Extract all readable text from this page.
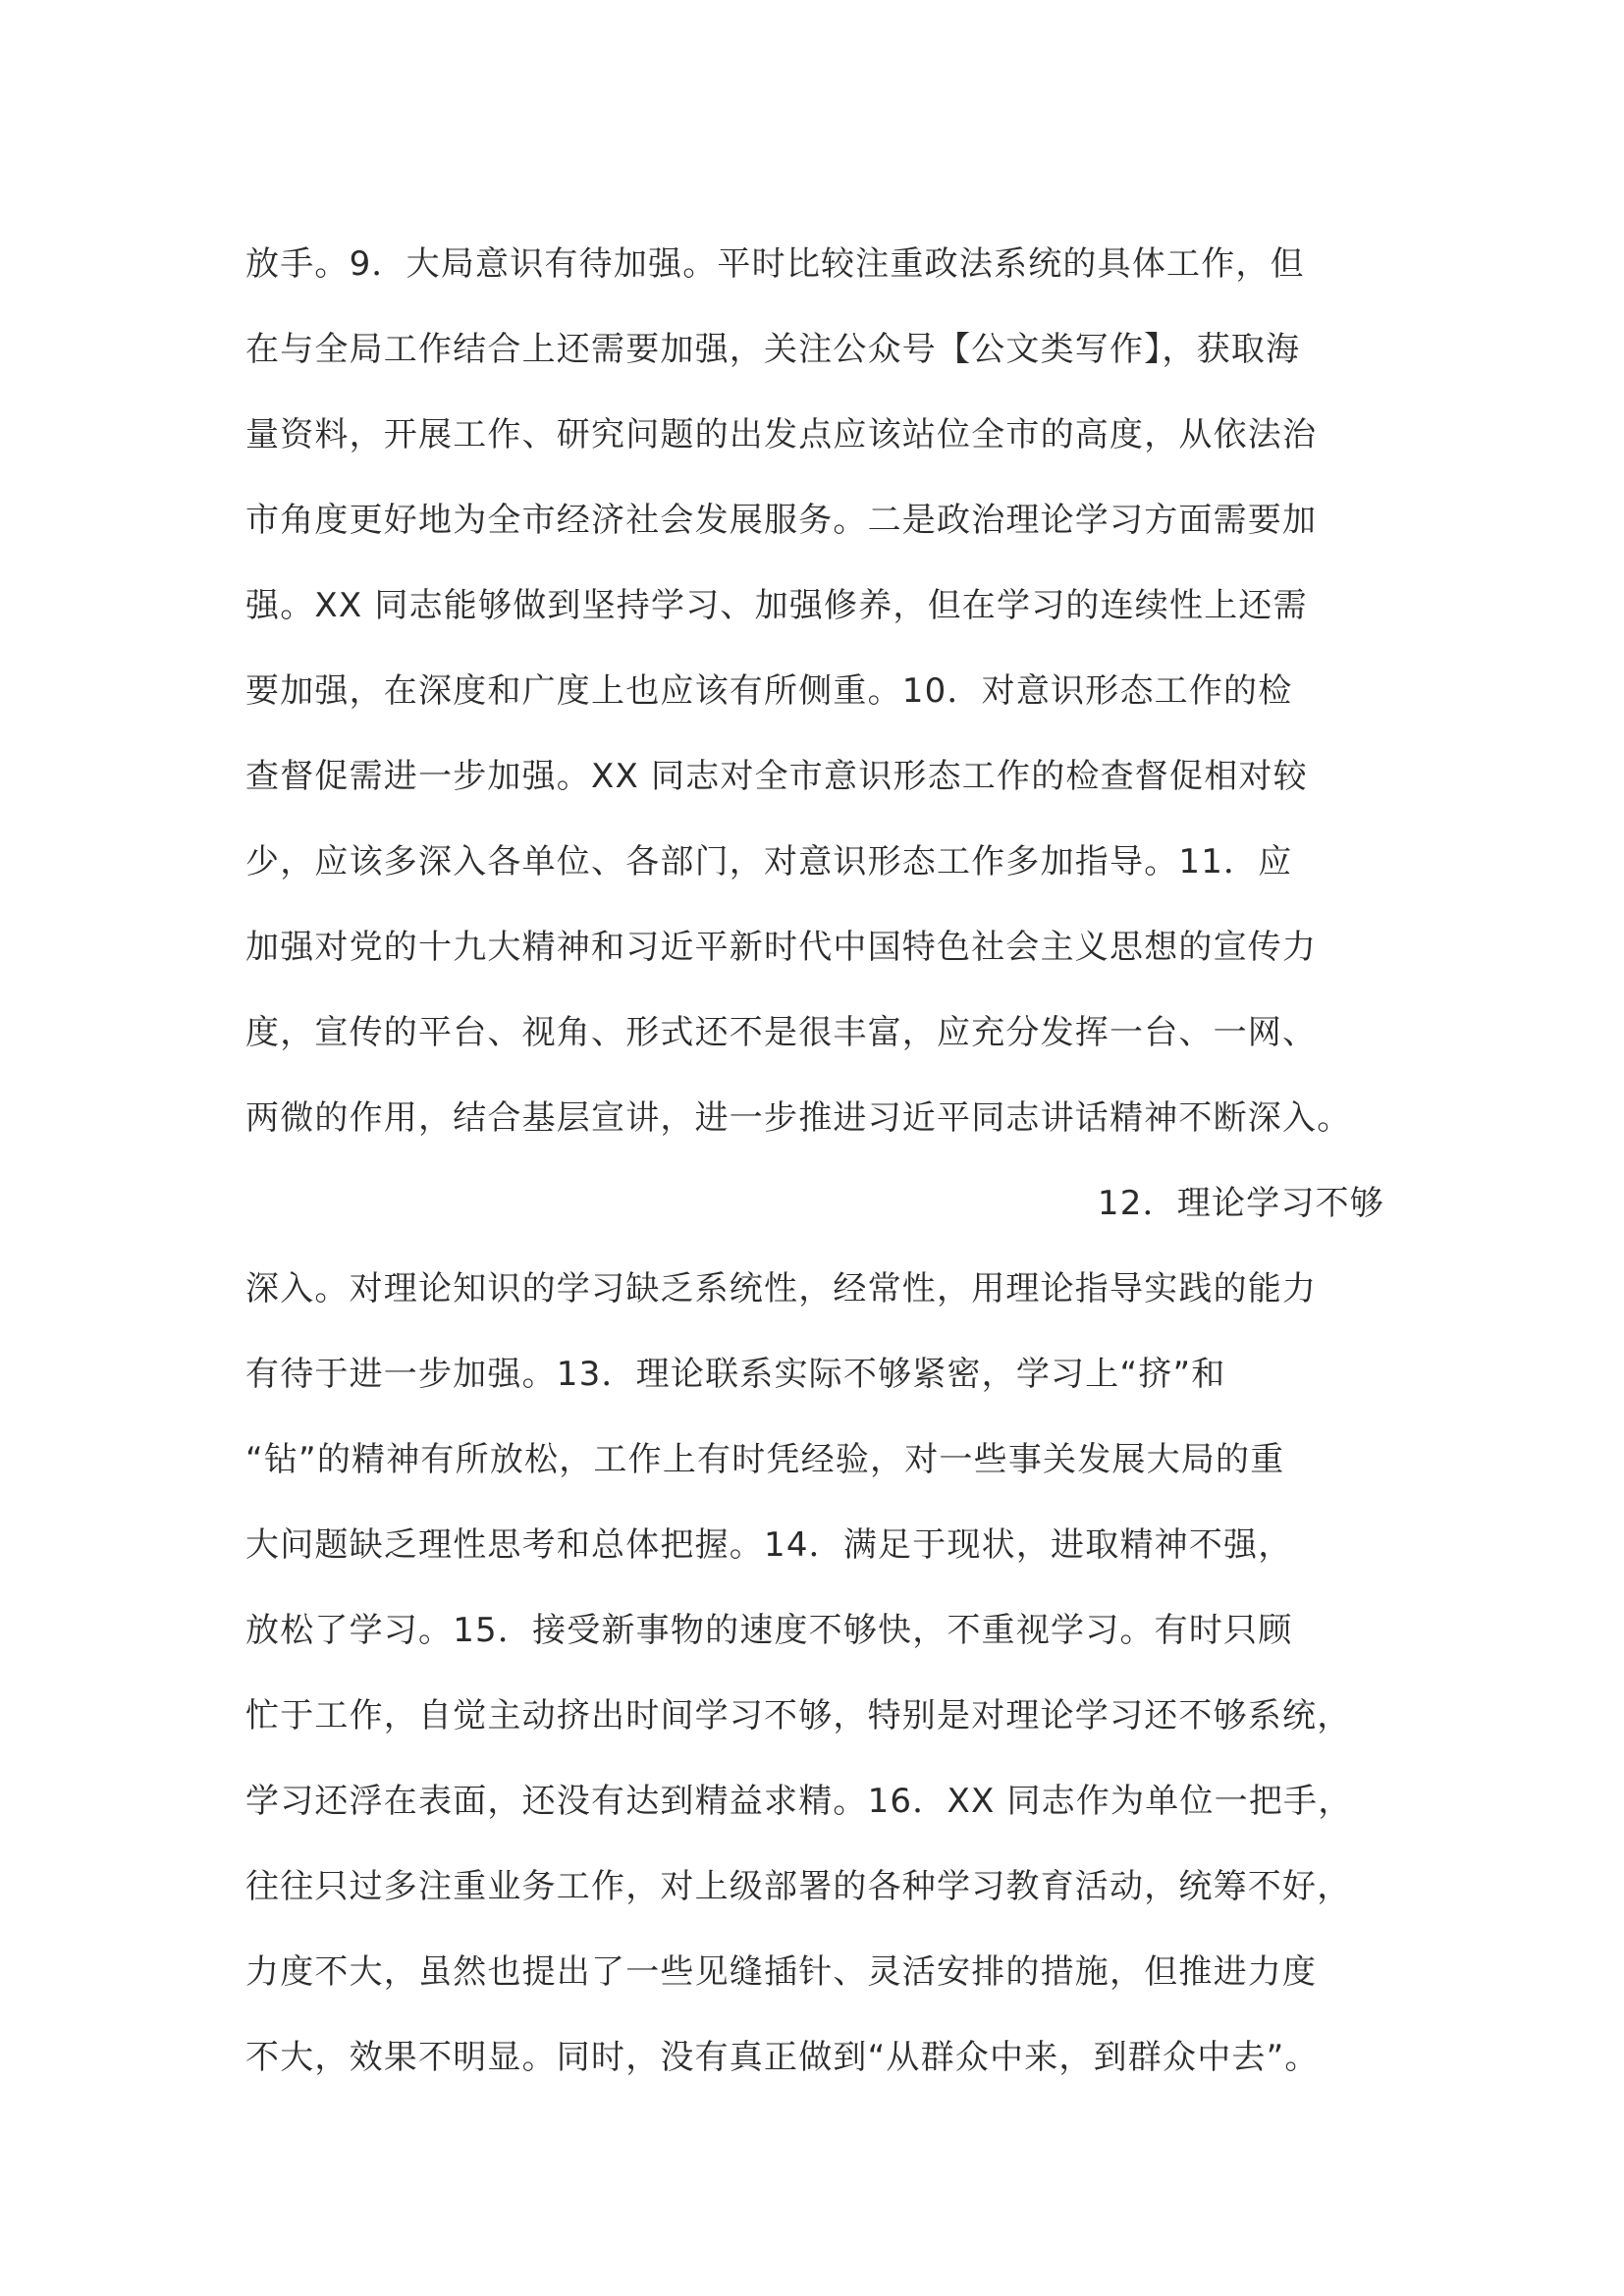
放手。9．大局意识有待加强。平时比较注重政法系统的具体工作，但
在与全局工作结合上还需要加强，关注公众号【公文类写作】，获取海
量资料，开展工作、研究问题的出发点应该站位全市的高度，从依法治
市角度更好地为全市经济社会发展服务。二是政治理论学习方面需要加
强。XX 同志能够做到坚持学习、加强修养，但在学习的连续性上还需
要加强，在深度和广度上也应该有所侧重。10．对意识形态工作的检
查督促需进一步加强。XX 同志对全市意识形态工作的检查督促相对较
少，应该多深入各单位、各部门，对意识形态工作多加指导。11．应
加强对党的十九大精神和习近平新时代中国特色社会主义思想的宣传力
度，宣传的平台、视角、形式还不是很丰富，应充分发挥一台、一网、
两微的作用，结合基层宣讲，进一步推进习近平同志讲话精神不断深入。
12．理论学习不够
深入。对理论知识的学习缺乏系统性，经常性，用理论指导实践的能力
有待于进一步加强。13．理论联系实际不够紧密，学习上“挤”和
“钻”的精神有所放松，工作上有时凭经验，对一些事关发展大局的重
大问题缺乏理性思考和总体把握。14．满足于现状，进取精神不强，
放松了学习。15．接受新事物的速度不够快，不重视学习。有时只顾
忙于工作，自觉主动挤出时间学习不够，特别是对理论学习还不够系统，
学习还浮在表面，还没有达到精益求精。16．XX 同志作为单位一把手，
往往只过多注重业务工作，对上级部署的各种学习教育活动，统筹不好，
力度不大，虽然也提出了一些见缝插针、灵活安排的措施，但推进力度
不大，效果不明显。同时，没有真正做到“从群众中来，到群众中去”。
